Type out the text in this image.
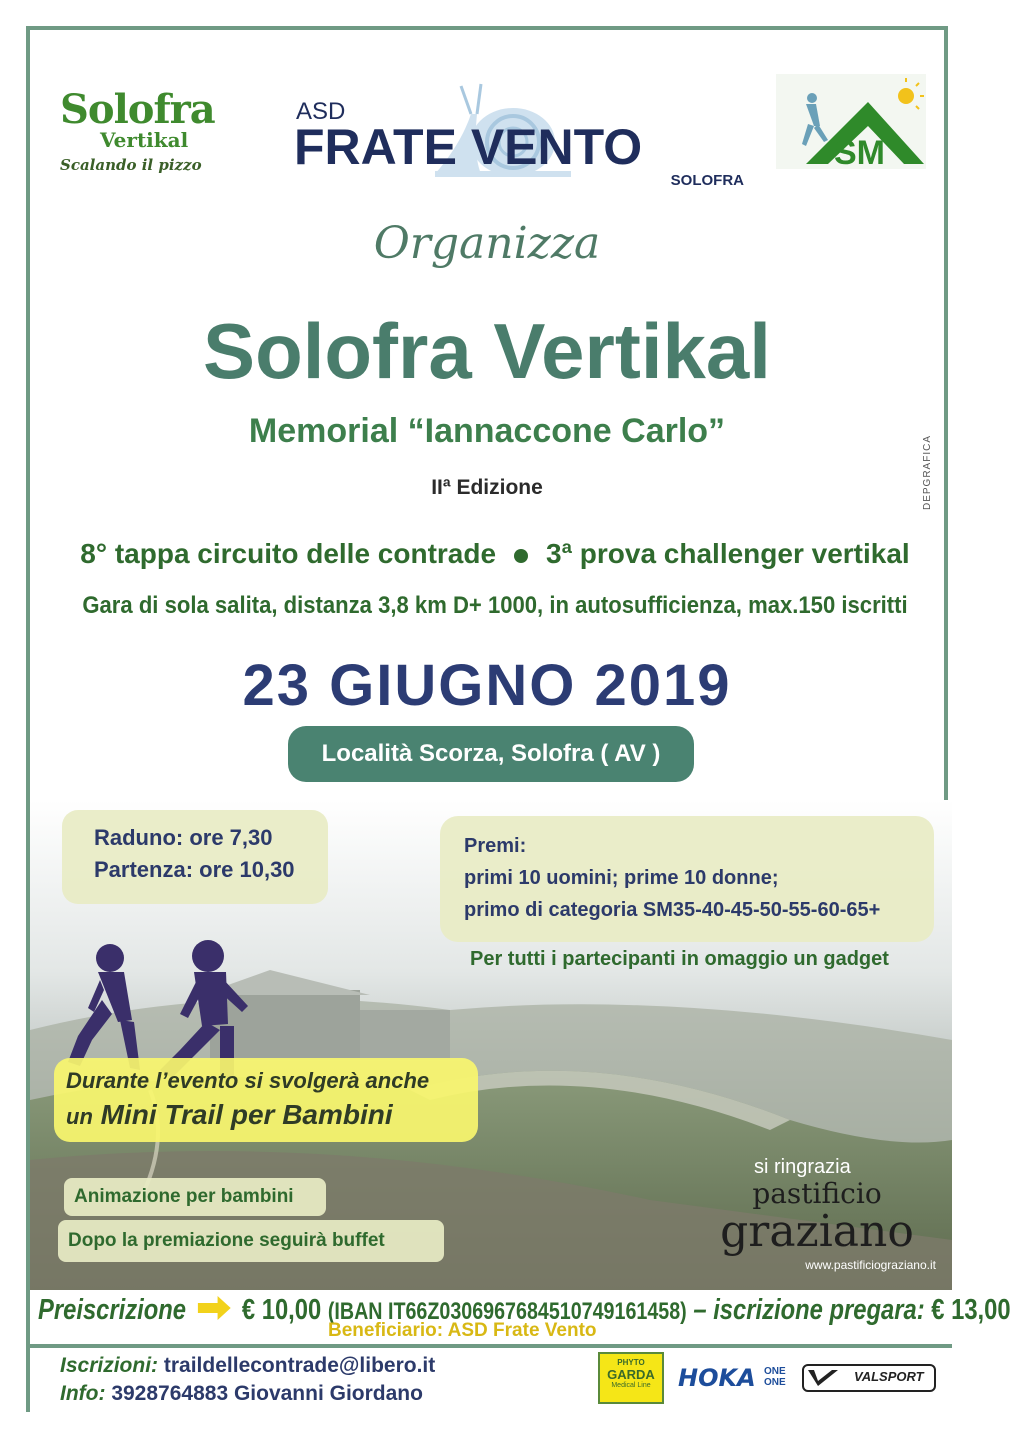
Solofra
Vertikal
Scalando il pizzo
ASD
FRATE VENTO
SOLOFRA
SM
Organizza
Solofra Vertikal
Memorial “Iannaccone Carlo”
IIª Edizione	DEPGRAFICA
8° tappa circuito delle contrade 3ª prova challenger vertikal
Gara di sola salita, distanza 3,8 km D+ 1000, in autosufficienza, max.150 iscritti
23 GIUGNO 2019
Località Scorza, Solofra ( AV )
Raduno: ore 7,30
Partenza: ore 10,30
Premi:
primi 10 uomini; prime 10 donne;
primo di categoria SM35-40-45-50-55-60-65+
Per tutti i partecipanti in omaggio un gadget
Durante l’evento si svolgerà anche
un Mini Trail per Bambini
Animazione per bambini
Dopo la premiazione seguirà buffet
si ringrazia
pastificio
graziano
www.pastificiograziano.it
Preiscrizione € 10,00 (IBAN IT66Z0306967684510749161458) – iscrizione pregara: € 13,00
Beneficiario: ASD Frate Vento
Iscrizioni: traildellecontrade@libero.it
Info: 3928764883 Giovanni Giordano
PHYTO
GARDA
Medical Line	HOKA ONE
ONE	VALSPORT
